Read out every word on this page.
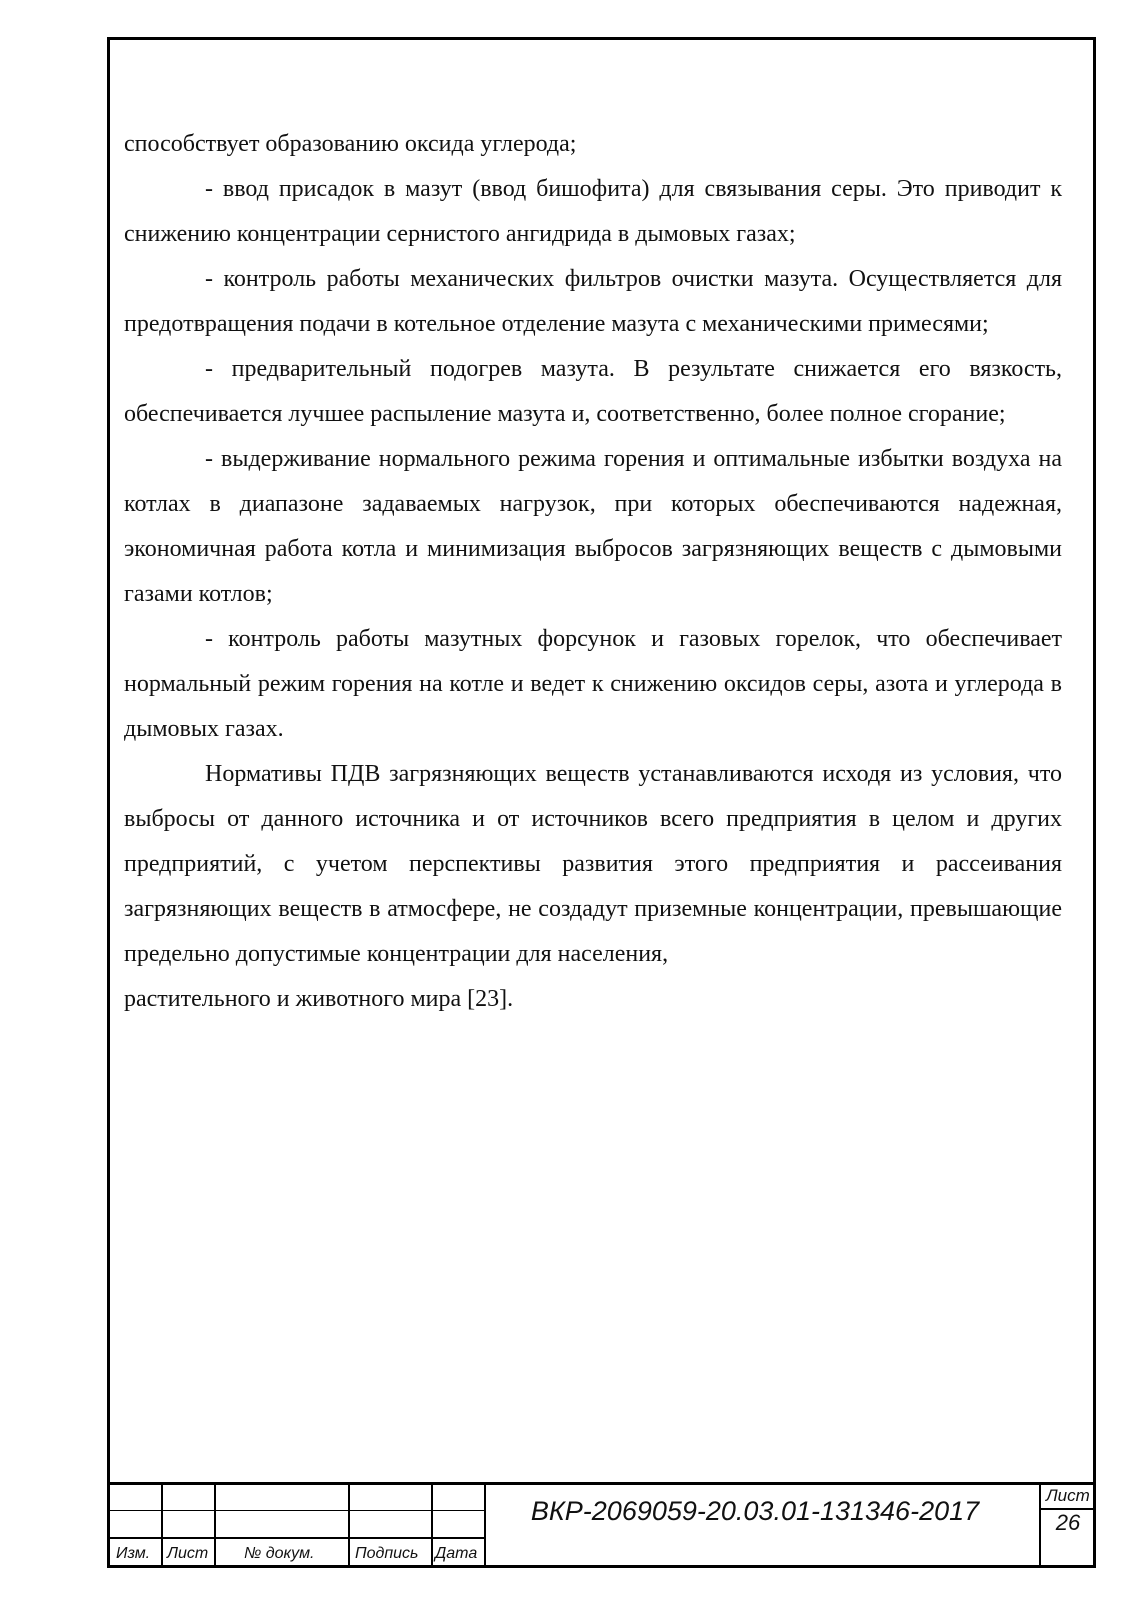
способствует образованию оксида углерода;

- ввод присадок в мазут (ввод бишофита) для связывания серы. Это приводит к снижению концентрации сернистого ангидрида в дымовых газах;

- контроль работы механических фильтров очистки мазута. Осуществляется для предотвращения подачи в котельное отделение мазута с механическими примесями;

- предварительный подогрев мазута. В результате снижается его вязкость, обеспечивается лучшее распыление мазута и, соответственно, более полное сгорание;

- выдерживание нормального режима горения и оптимальные избытки воздуха на котлах в диапазоне задаваемых нагрузок, при которых обеспечиваются надежная, экономичная работа котла и минимизация выбросов загрязняющих веществ с дымовыми газами котлов;

- контроль работы мазутных форсунок и газовых горелок, что обеспечивает нормальный режим горения на котле и ведет к снижению оксидов серы, азота и углерода в дымовых газах.

Нормативы ПДВ загрязняющих веществ устанавливаются исходя из условия, что выбросы от данного источника и от источников всего предприятия в целом и других предприятий, с учетом перспективы развития этого предприятия и рассеивания загрязняющих веществ в атмосфере, не создадут приземные концентрации, превышающие предельно допустимые концентрации для населения,

растительного и животного мира [23].

Изм. Лист № докум.	Подпись Дата
ВКР-2069059-20.03.01-131346-2017
Лист
26
